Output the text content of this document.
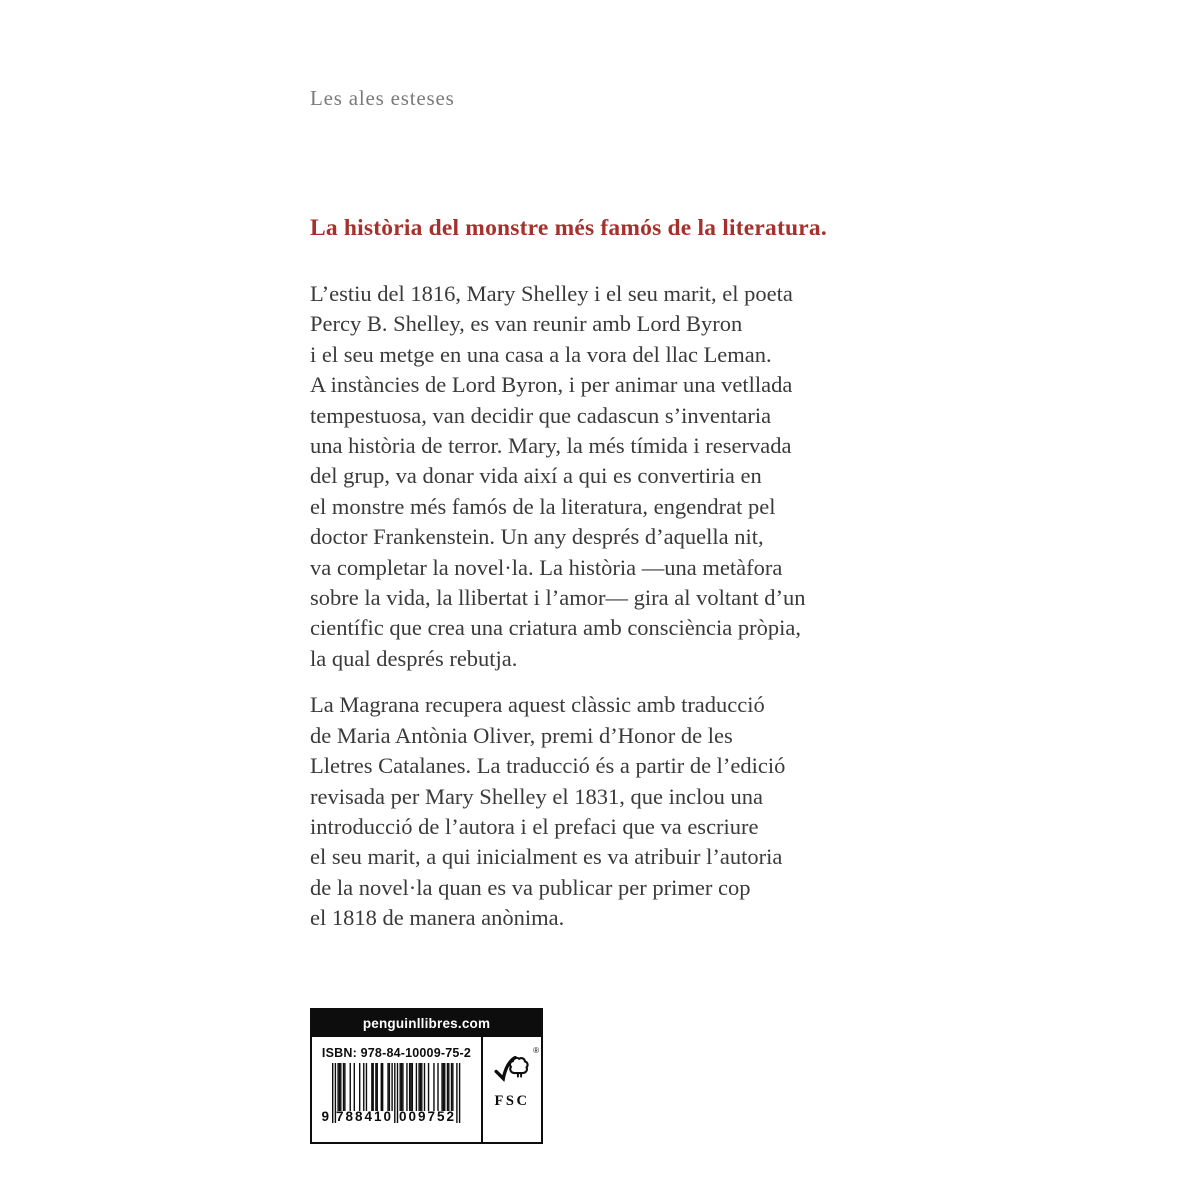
Les ales esteses
La història del monstre més famós de la literatura.
L’estiu del 1816, Mary Shelley i el seu marit, el poeta
Percy B. Shelley, es van reunir amb Lord Byron
i el seu metge en una casa a la vora del llac Leman.
A instàncies de Lord Byron, i per animar una vetllada
tempestuosa, van decidir que cadascun s’inventaria
una història de terror. Mary, la més tímida i reservada
del grup, va donar vida així a qui es convertiria en
el monstre més famós de la literatura, engendrat pel
doctor Frankenstein. Un any després d’aquella nit,
va completar la novel·la. La història —una metàfora
sobre la vida, la llibertat i l’amor— gira al voltant d’un
científic que crea una criatura amb consciència pròpia,
la qual després rebutja.
La Magrana recupera aquest clàssic amb traducció
de Maria Antònia Oliver, premi d’Honor de les
Lletres Catalanes. La traducció és a partir de l’edició
revisada per Mary Shelley el 1831, que inclou una
introducció de l’autora i el prefaci que va escriure
el seu marit, a qui inicialment es va atribuir l’autoria
de la novel·la quan es va publicar per primer cop
el 1818 de manera anònima.
penguinllibres.com
ISBN: 978-84-10009-75-2
9 788410 009752
®
FSC
